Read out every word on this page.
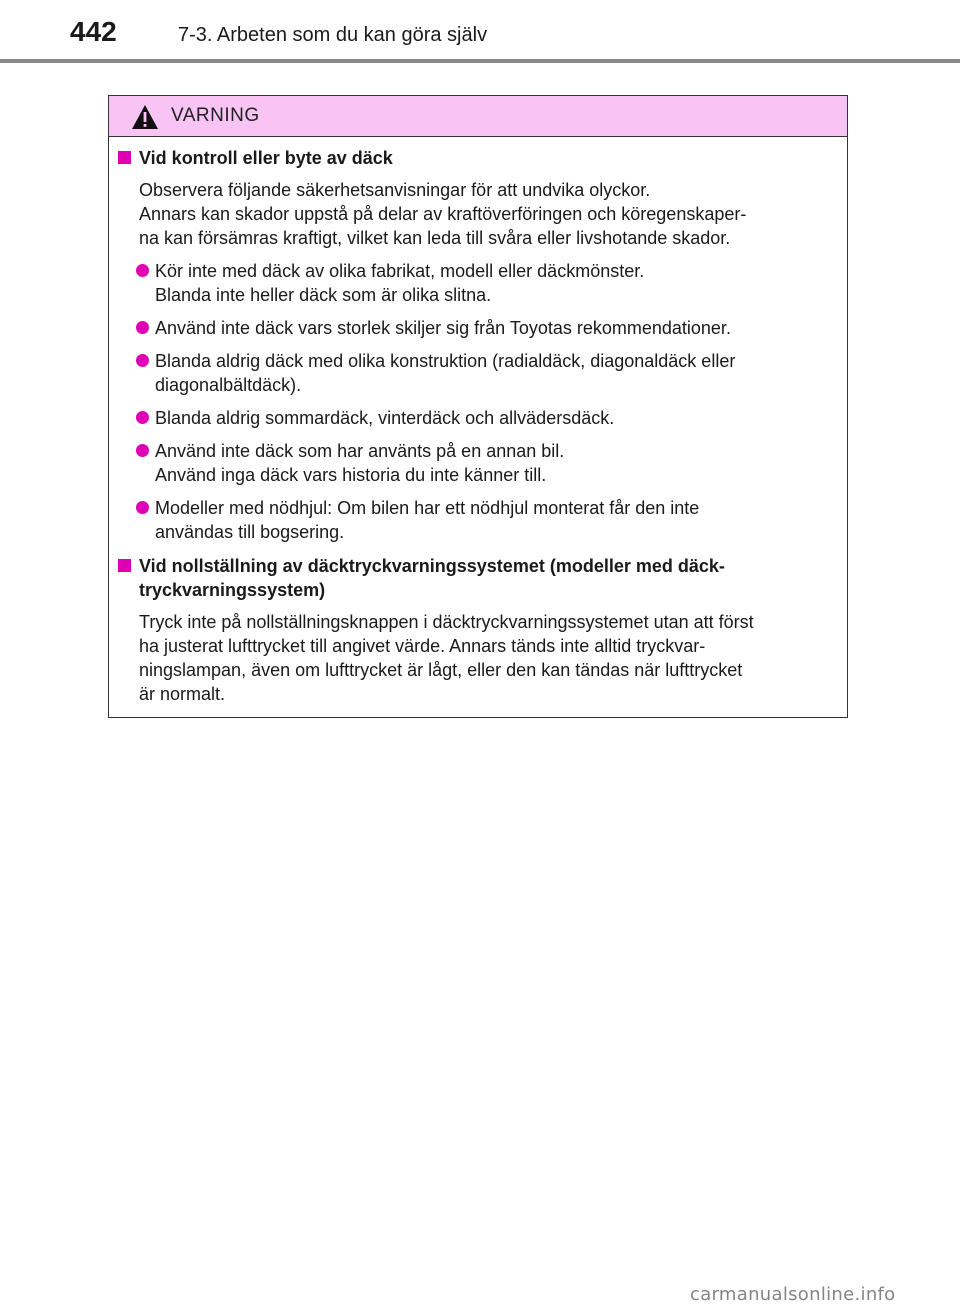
442	7-3. Arbeten som du kan göra själv
VARNING
Vid kontroll eller byte av däck
Observera följande säkerhetsanvisningar för att undvika olyckor.
Annars kan skador uppstå på delar av kraftöverföringen och köregenskaper-
na kan försämras kraftigt, vilket kan leda till svåra eller livshotande skador.
Kör inte med däck av olika fabrikat, modell eller däckmönster.
Blanda inte heller däck som är olika slitna.
Använd inte däck vars storlek skiljer sig från Toyotas rekommendationer.
Blanda aldrig däck med olika konstruktion (radialdäck, diagonaldäck eller
diagonalbältdäck).
Blanda aldrig sommardäck, vinterdäck och allvädersdäck.
Använd inte däck som har använts på en annan bil.
Använd inga däck vars historia du inte känner till.
Modeller med nödhjul: Om bilen har ett nödhjul monterat får den inte
användas till bogsering.
Vid nollställning av däcktryckvarningssystemet (modeller med däck-
tryckvarningssystem)
Tryck inte på nollställningsknappen i däcktryckvarningssystemet utan att först
ha justerat lufttrycket till angivet värde. Annars tänds inte alltid tryckvar-
ningslampan, även om lufttrycket är lågt, eller den kan tändas när lufttrycket
är normalt.
carmanualsonline.info
